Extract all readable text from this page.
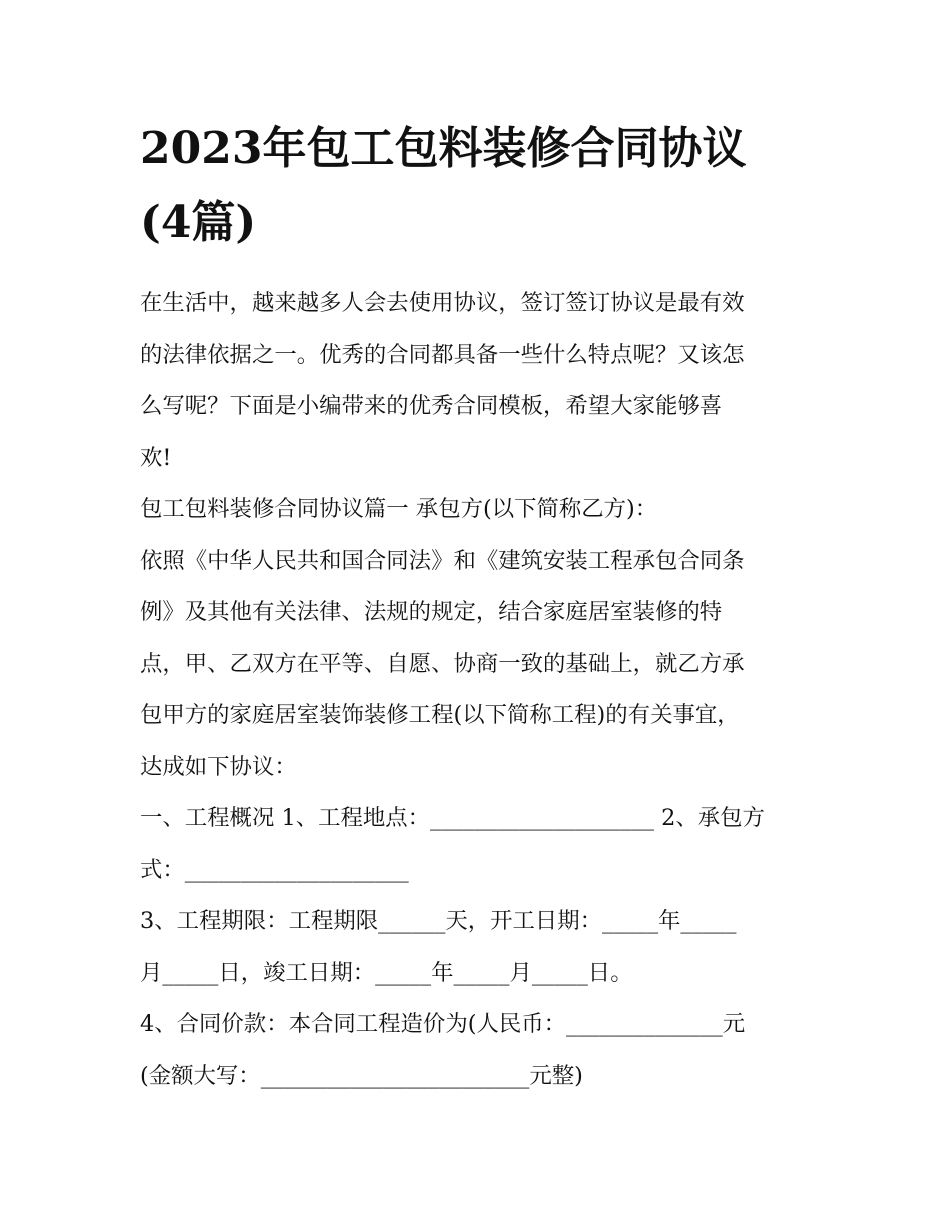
2023年包工包料装修合同协议
(4篇)
在生活中，越来越多人会去使用协议，签订签订协议是最有效
的法律依据之一。优秀的合同都具备一些什么特点呢？又该怎
么写呢？下面是小编带来的优秀合同模板，希望大家能够喜
欢!
包工包料装修合同协议篇一 承包方(以下简称乙方)：
依照《中华人民共和国合同法》和《建筑安装工程承包合同条
例》及其他有关法律、法规的规定，结合家庭居室装修的特
点，甲、乙双方在平等、自愿、协商一致的基础上，就乙方承
包甲方的家庭居室装饰装修工程(以下简称工程)的有关事宜，
达成如下协议：
一、工程概况 1、工程地点：____________________ 2、承包方
式：____________________
3、工程期限：工程期限______天，开工日期：_____年_____
月_____日，竣工日期：_____年_____月_____日。
4、合同价款：本合同工程造价为(人民币：______________元
(金额大写：________________________元整)
